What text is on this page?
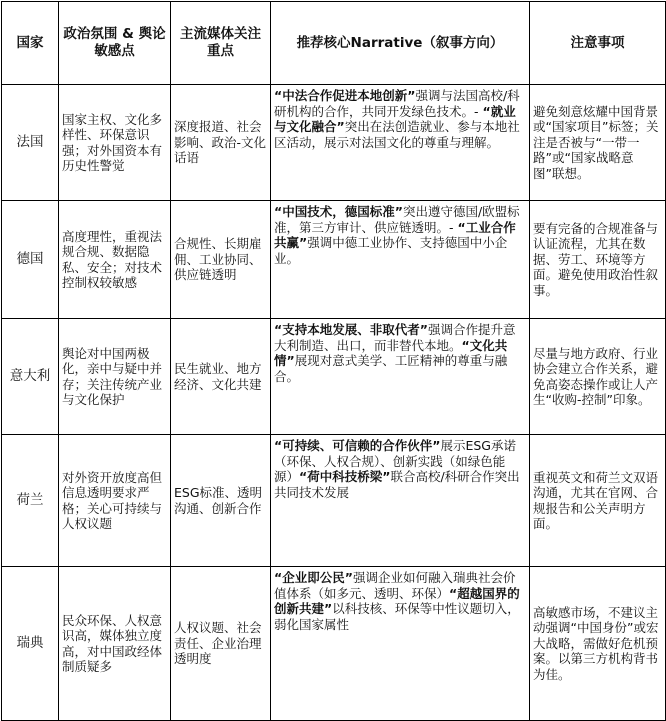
国家	政治氛围 & 舆论敏感点	主流媒体关注重点	推荐核心Narrative（叙事方向）	注意事项
法国	国家主权、文化多样性、环保意识强；对外国资本有历史性警觉	深度报道、社会影响、政治-文化话语	“中法合作促进本地创新”强调与法国高校/科研机构的合作，共同开发绿色技术。- “就业与文化融合”突出在法创造就业、参与本地社区活动，展示对法国文化的尊重与理解。	避免刻意炫耀中国背景或“国家项目”标签；关注是否被与“一带一路”或“国家战略意图”联想。
德国	高度理性，重视法规合规、数据隐私、安全；对技术控制权较敏感	合规性、长期雇佣、工业协同、供应链透明	“中国技术，德国标准”突出遵守德国/欧盟标准，第三方审计、供应链透明。- “工业合作共赢”强调中德工业协作、支持德国中小企业。	要有完备的合规准备与认证流程，尤其在数据、劳工、环境等方面。避免使用政治性叙事。
意大利	舆论对中国两极化，亲中与疑中并存；关注传统产业与文化保护	民生就业、地方经济、文化共建	“支持本地发展、非取代者”强调合作提升意大利制造、出口，而非替代本地。“文化共情”展现对意式美学、工匠精神的尊重与融合。	尽量与地方政府、行业协会建立合作关系，避免高姿态操作或让人产生“收购-控制”印象。
荷兰	对外资开放度高但信息透明要求严格；关心可持续与人权议题	ESG标准、透明沟通、创新合作	“可持续、可信赖的合作伙伴”展示ESG承诺（环保、人权合规）、创新实践（如绿色能源）“荷中科技桥梁”联合高校/科研合作突出共同技术发展	重视英文和荷兰文双语沟通，尤其在官网、合规报告和公关声明方面。
瑞典	民众环保、人权意识高，媒体独立度高，对中国政经体制质疑多	人权议题、社会责任、企业治理透明度	“企业即公民”强调企业如何融入瑞典社会价值体系（如多元、透明、环保）“超越国界的创新共建”以科技核、环保等中性议题切入，弱化国家属性	高敏感市场，不建议主动强调“中国身份”或宏大战略，需做好危机预案。以第三方机构背书为佳。
